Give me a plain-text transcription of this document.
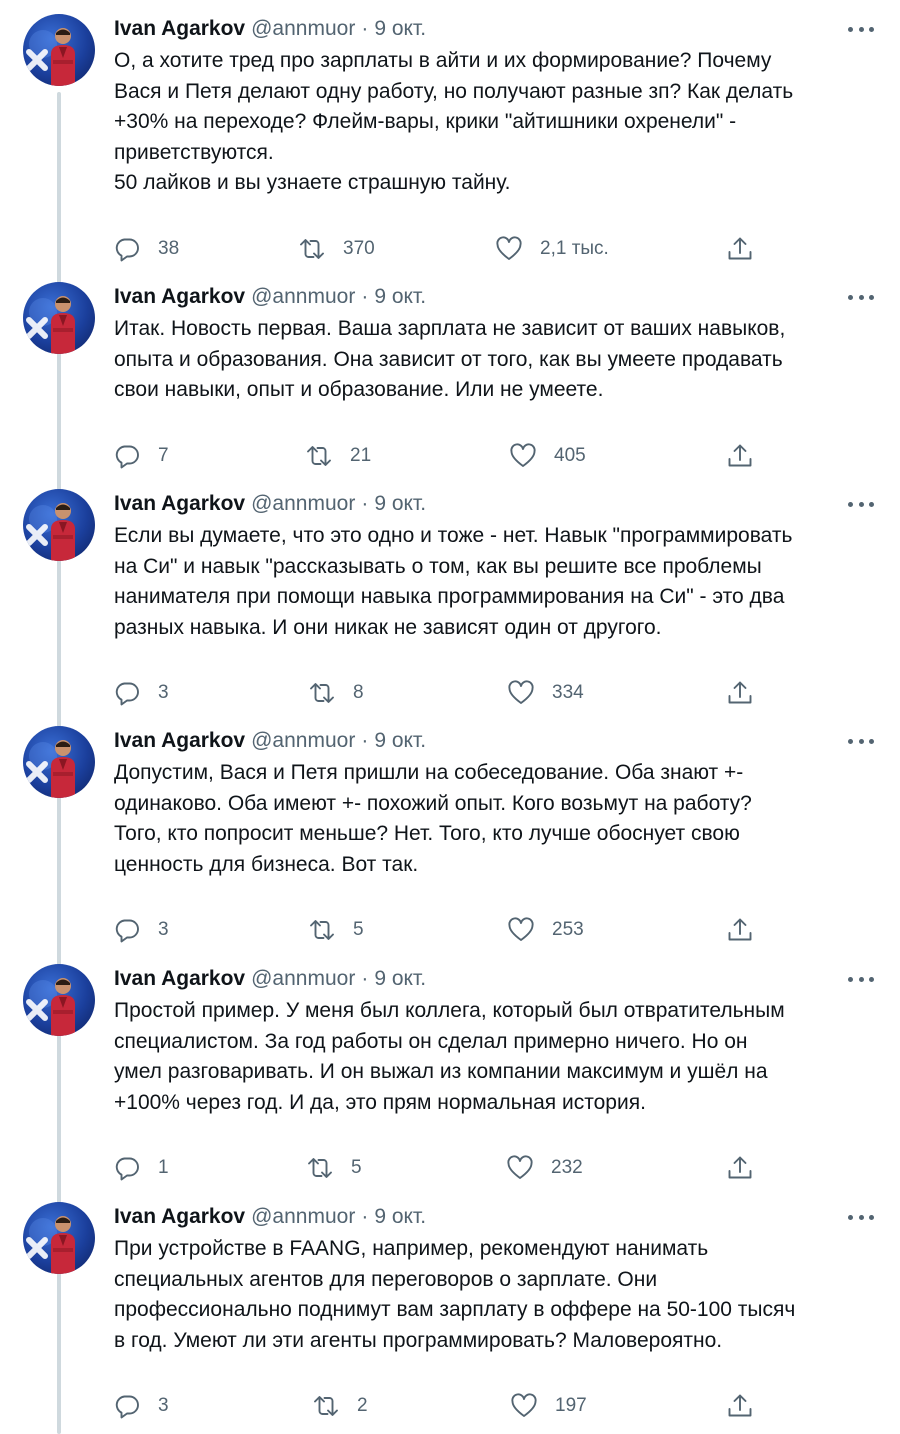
Ivan Agarkov @annmuor · 9 окт.
О, а хотите тред про зарплаты в айти и их формирование? Почему
Вася и Петя делают одну работу, но получают разные зп? Как делать
+30% на переходе? Флейм-вары, крики "айтишники охренели" -
приветствуются.
50 лайков и вы узнаете страшную тайну.
38	370	2,1 тыс.
Ivan Agarkov @annmuor · 9 окт.
Итак. Новость первая. Ваша зарплата не зависит от ваших навыков,
опыта и образования. Она зависит от того, как вы умеете продавать
свои навыки, опыт и образование. Или не умеете.
7	21	405
Ivan Agarkov @annmuor · 9 окт.
Если вы думаете, что это одно и тоже - нет. Навык "программировать
на Си" и навык "рассказывать о том, как вы решите все проблемы
нанимателя при помощи навыка программирования на Си" - это два
разных навыка. И они никак не зависят один от другого.
3	8	334
Ivan Agarkov @annmuor · 9 окт.
Допустим, Вася и Петя пришли на собеседование. Оба знают +-
одинаково. Оба имеют +- похожий опыт. Кого возьмут на работу?
Того, кто попросит меньше? Нет. Того, кто лучше обоснует свою
ценность для бизнеса. Вот так.
3	5	253
Ivan Agarkov @annmuor · 9 окт.
Простой пример. У меня был коллега, который был отвратительным
специалистом. За год работы он сделал примерно ничего. Но он
умел разговаривать. И он выжал из компании максимум и ушёл на
+100% через год. И да, это прям нормальная история.
1	5	232
Ivan Agarkov @annmuor · 9 окт.
При устройстве в FAANG, например, рекомендуют нанимать
специальных агентов для переговоров о зарплате. Они
профессионально поднимут вам зарплату в оффере на 50-100 тысяч
в год. Умеют ли эти агенты программировать? Маловероятно.
3	2	197
